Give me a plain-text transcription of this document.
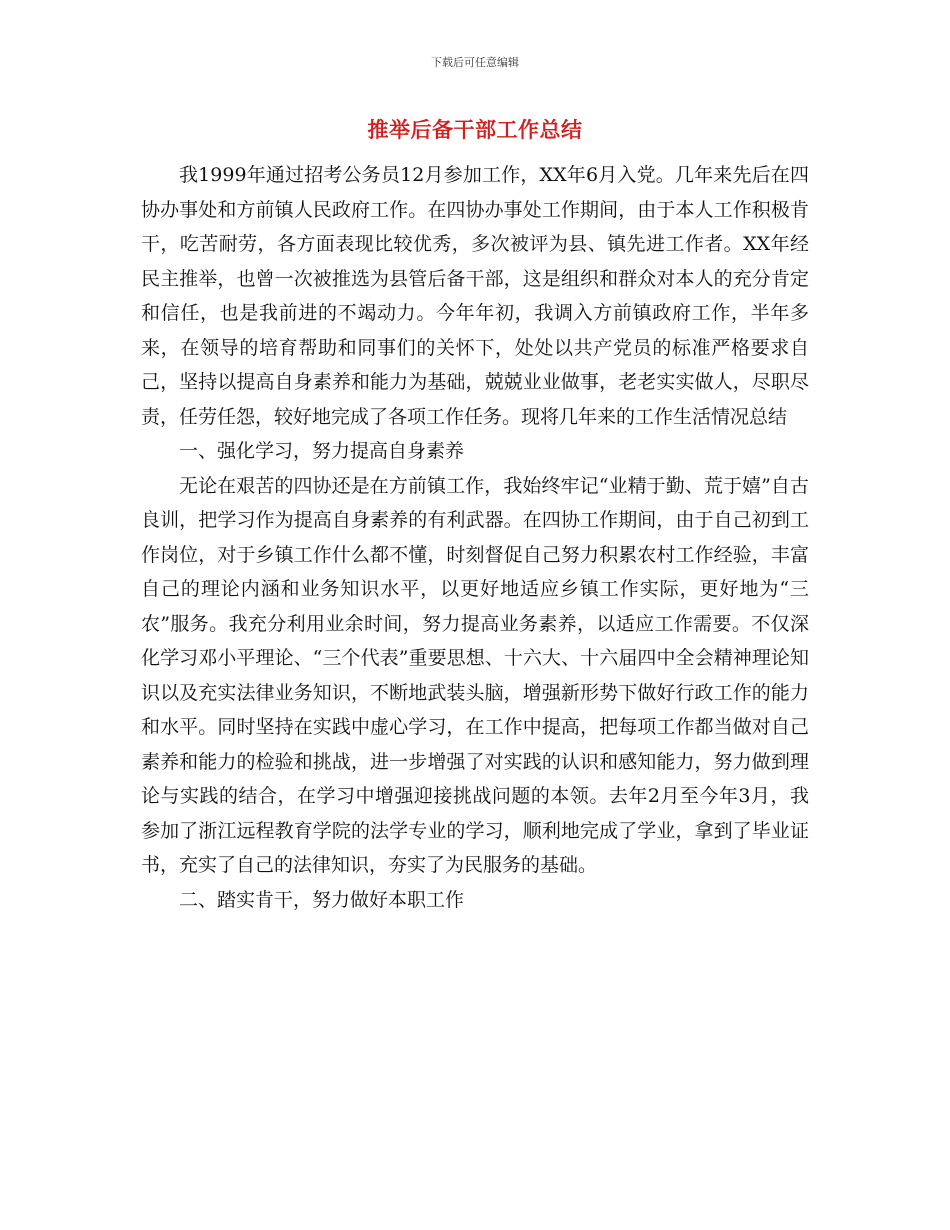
下载后可任意编辑
推举后备干部工作总结

我1999年通过招考公务员12月参加工作，XX年6月入党。几年来先后在四协办事处和方前镇人民政府工作。在四协办事处工作期间，由于本人工作积极肯干，吃苦耐劳，各方面表现比较优秀，多次被评为县、镇先进工作者。XX年经民主推举，也曾一次被推选为县管后备干部，这是组织和群众对本人的充分肯定和信任，也是我前进的不竭动力。今年年初，我调入方前镇政府工作，半年多来，在领导的培育帮助和同事们的关怀下，处处以共产党员的标准严格要求自己，坚持以提高自身素养和能力为基础，兢兢业业做事，老老实实做人，尽职尽责，任劳任怨，较好地完成了各项工作任务。现将几年来的工作生活情况总结

一、强化学习，努力提高自身素养

无论在艰苦的四协还是在方前镇工作，我始终牢记“业精于勤、荒于嬉”自古良训，把学习作为提高自身素养的有利武器。在四协工作期间，由于自己初到工作岗位，对于乡镇工作什么都不懂，时刻督促自己努力积累农村工作经验，丰富自己的理论内涵和业务知识水平，以更好地适应乡镇工作实际，更好地为“三农”服务。我充分利用业余时间，努力提高业务素养，以适应工作需要。不仅深化学习邓小平理论、“三个代表”重要思想、十六大、十六届四中全会精神理论知识以及充实法律业务知识，不断地武装头脑，增强新形势下做好行政工作的能力和水平。同时坚持在实践中虚心学习，在工作中提高，把每项工作都当做对自己素养和能力的检验和挑战，进一步增强了对实践的认识和感知能力，努力做到理论与实践的结合，在学习中增强迎接挑战问题的本领。去年2月至今年3月，我参加了浙江远程教育学院的法学专业的学习，顺利地完成了学业，拿到了毕业证书，充实了自己的法律知识，夯实了为民服务的基础。

二、踏实肯干，努力做好本职工作
